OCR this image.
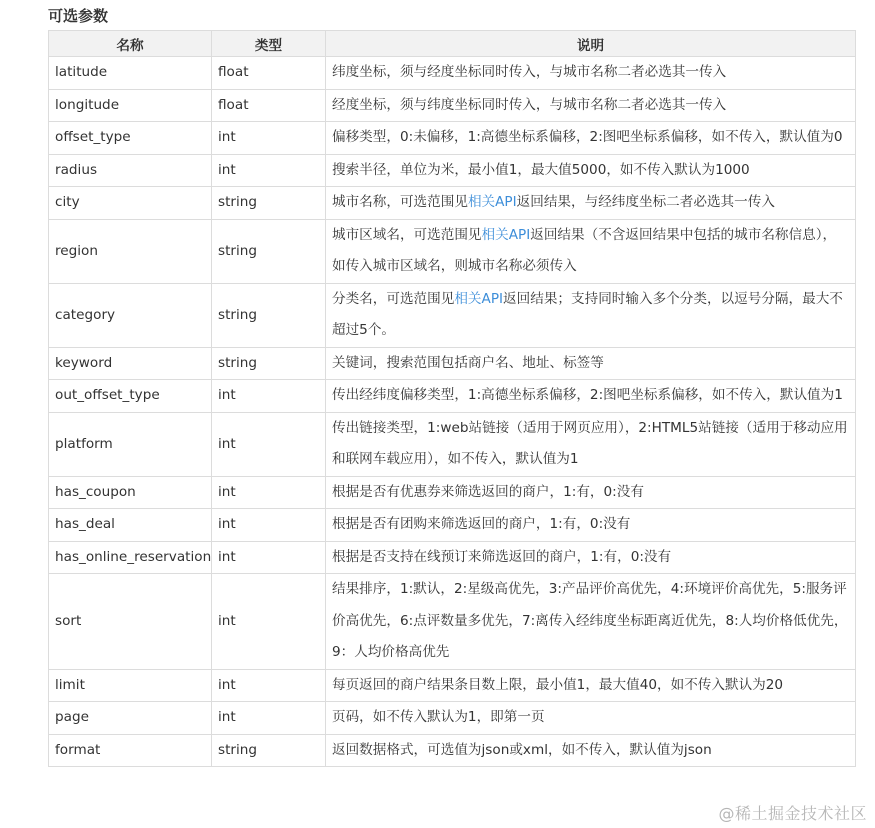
可选参数
名称	类型	说明
latitude	float	纬度坐标，须与经度坐标同时传入，与城市名称二者必选其一传入
longitude	float	经度坐标，须与纬度坐标同时传入，与城市名称二者必选其一传入
offset_type	int	偏移类型，0:未偏移，1:高德坐标系偏移，2:图吧坐标系偏移，如不传入，默认值为0
radius	int	搜索半径，单位为米，最小值1，最大值5000，如不传入默认为1000
city	string	城市名称，可选范围见相关API返回结果，与经纬度坐标二者必选其一传入
region	string	城市区域名，可选范围见相关API返回结果（不含返回结果中包括的城市名称信息），如传入城市区域名，则城市名称必须传入
category	string	分类名，可选范围见相关API返回结果；支持同时输入多个分类，以逗号分隔，最大不超过5个。
keyword	string	关键词，搜索范围包括商户名、地址、标签等
out_offset_type	int	传出经纬度偏移类型，1:高德坐标系偏移，2:图吧坐标系偏移，如不传入，默认值为1
platform	int	传出链接类型，1:web站链接（适用于网页应用），2:HTML5站链接（适用于移动应用和联网车载应用），如不传入，默认值为1
has_coupon	int	根据是否有优惠券来筛选返回的商户，1:有，0:没有
has_deal	int	根据是否有团购来筛选返回的商户，1:有，0:没有
has_online_reservation	int	根据是否支持在线预订来筛选返回的商户，1:有，0:没有
sort	int	结果排序，1:默认，2:星级高优先，3:产品评价高优先，4:环境评价高优先，5:服务评价高优先，6:点评数量多优先，7:离传入经纬度坐标距离近优先，8:人均价格低优先，9：人均价格高优先
limit	int	每页返回的商户结果条目数上限，最小值1，最大值40，如不传入默认为20
page	int	页码，如不传入默认为1，即第一页
format	string	返回数据格式，可选值为json或xml，如不传入，默认值为json
@稀土掘金技术社区
